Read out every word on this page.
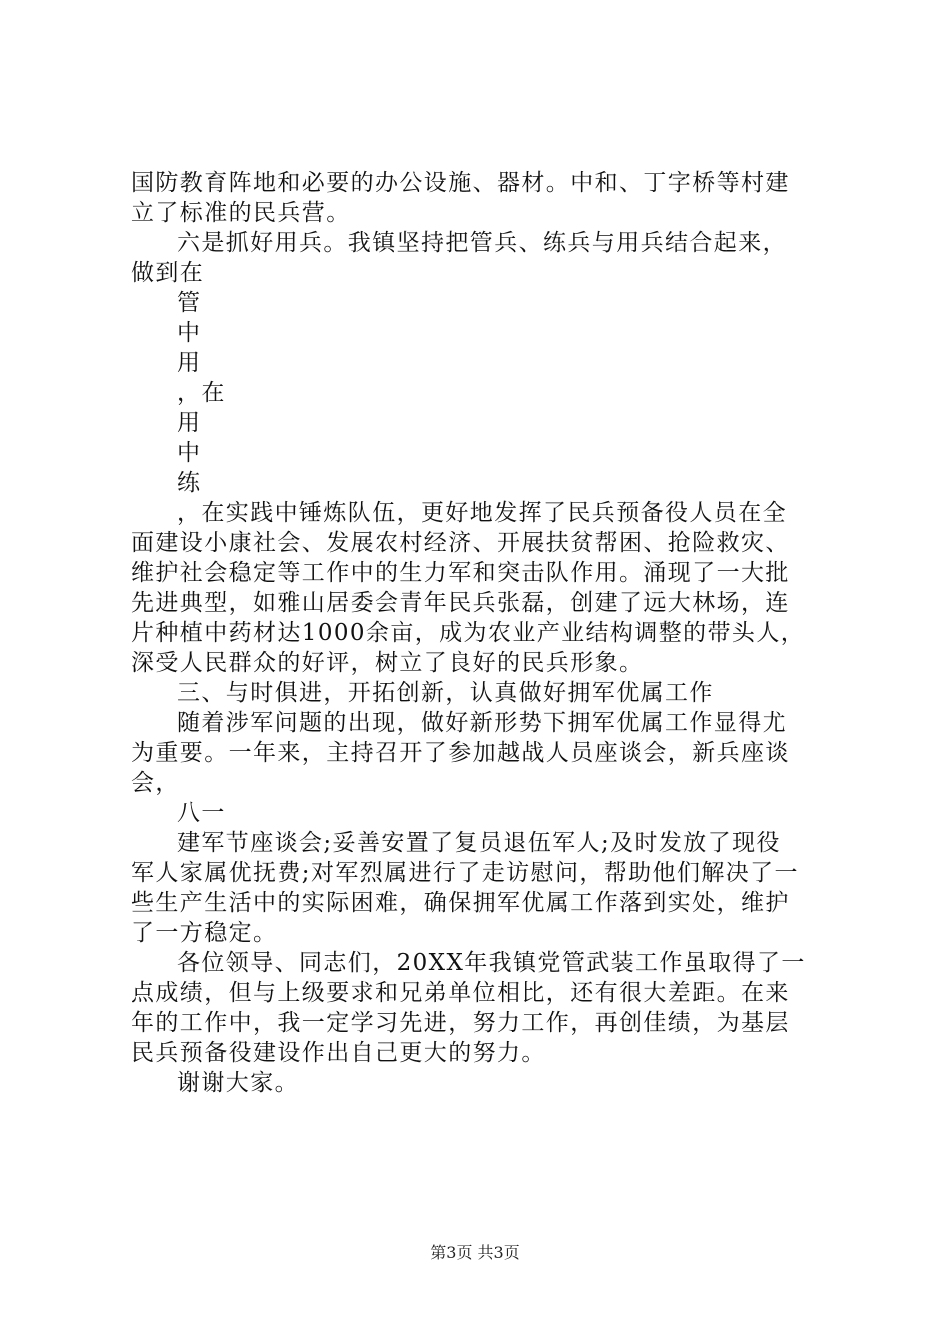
国防教育阵地和必要的办公设施、器材。中和、丁字桥等村建
立了标准的民兵营。
六是抓好用兵。我镇坚持把管兵、练兵与用兵结合起来，
做到在
管
中
用
，在
用
中
练
，在实践中锤炼队伍，更好地发挥了民兵预备役人员在全
面建设小康社会、发展农村经济、开展扶贫帮困、抢险救灾、
维护社会稳定等工作中的生力军和突击队作用。涌现了一大批
先进典型，如雅山居委会青年民兵张磊，创建了远大林场，连
片种植中药材达1000余亩，成为农业产业结构调整的带头人，
深受人民群众的好评，树立了良好的民兵形象。
三、与时俱进，开拓创新，认真做好拥军优属工作
随着涉军问题的出现，做好新形势下拥军优属工作显得尤
为重要。一年来，主持召开了参加越战人员座谈会，新兵座谈
会，
八一
建军节座谈会;妥善安置了复员退伍军人;及时发放了现役
军人家属优抚费;对军烈属进行了走访慰问，帮助他们解决了一
些生产生活中的实际困难，确保拥军优属工作落到实处，维护
了一方稳定。
各位领导、同志们，20XX年我镇党管武装工作虽取得了一
点成绩，但与上级要求和兄弟单位相比，还有很大差距。在来
年的工作中，我一定学习先进，努力工作，再创佳绩，为基层
民兵预备役建设作出自己更大的努力。
谢谢大家。
第3页 共3页
